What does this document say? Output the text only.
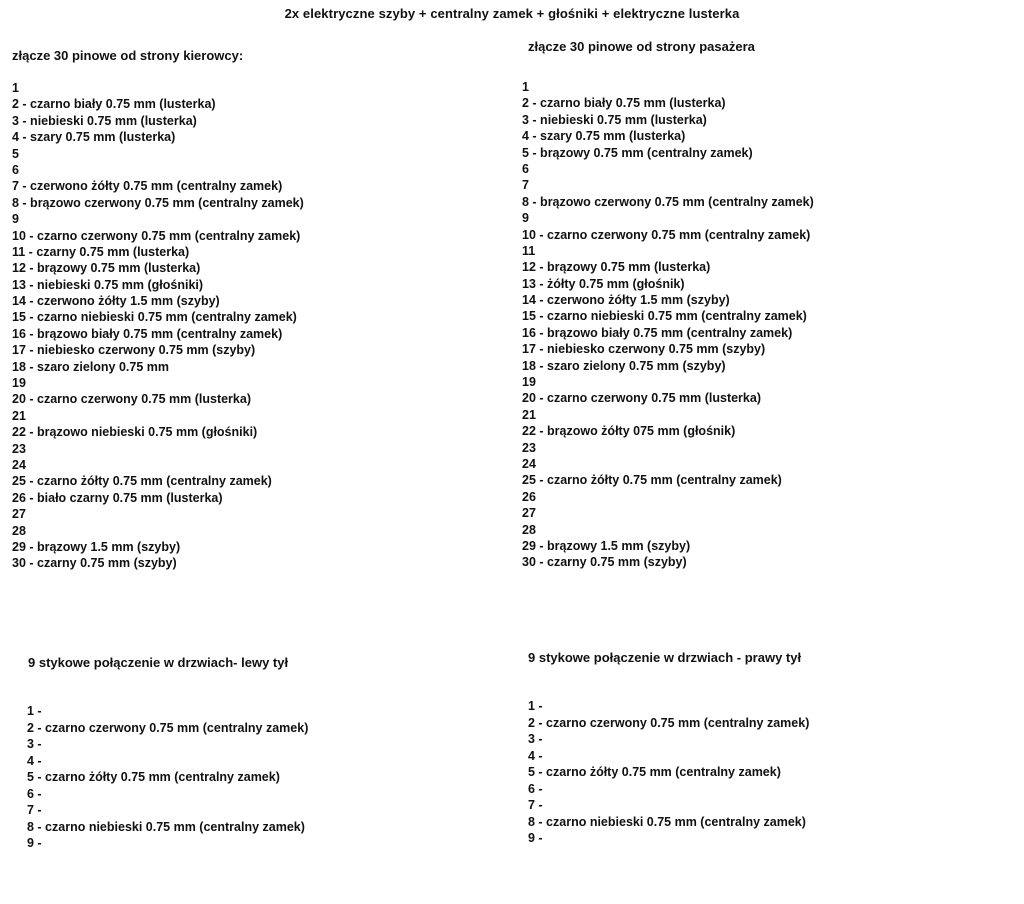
2x elektryczne szyby + centralny zamek + głośniki + elektryczne lusterka
złącze 30 pinowe od strony kierowcy:
1
2 - czarno biały 0.75 mm (lusterka)
3 - niebieski 0.75 mm (lusterka)
4 - szary 0.75 mm (lusterka)
5
6
7 - czerwono żółty 0.75 mm (centralny zamek)
8 - brązowo czerwony 0.75 mm (centralny zamek)
9
10 - czarno czerwony 0.75 mm (centralny zamek)
11 - czarny 0.75 mm (lusterka)
12 - brązowy 0.75 mm (lusterka)
13 - niebieski 0.75 mm (głośniki)
14 - czerwono żółty 1.5 mm (szyby)
15 - czarno niebieski 0.75 mm (centralny zamek)
16 - brązowo biały 0.75 mm (centralny zamek)
17 - niebiesko czerwony 0.75 mm (szyby)
18 - szaro zielony 0.75 mm
19
20 - czarno czerwony 0.75 mm (lusterka)
21
22 - brązowo niebieski 0.75 mm (głośniki)
23
24
25 - czarno żółty 0.75 mm (centralny zamek)
26 - biało czarny 0.75 mm (lusterka)
27
28
29 - brązowy 1.5 mm (szyby)
30 - czarny 0.75 mm (szyby)
złącze 30 pinowe od strony pasażera
1
2 - czarno biały 0.75 mm (lusterka)
3 - niebieski 0.75 mm (lusterka)
4 - szary 0.75 mm (lusterka)
5 - brązowy 0.75 mm (centralny zamek)
6
7
8 - brązowo czerwony 0.75 mm (centralny zamek)
9
10 - czarno czerwony 0.75 mm (centralny zamek)
11
12 - brązowy 0.75 mm (lusterka)
13 - żółty 0.75 mm (głośnik)
14 - czerwono żółty 1.5 mm (szyby)
15 - czarno niebieski 0.75 mm (centralny zamek)
16 - brązowo biały 0.75 mm (centralny zamek)
17 - niebiesko czerwony 0.75 mm (szyby)
18 - szaro zielony 0.75 mm (szyby)
19
20 - czarno czerwony 0.75 mm (lusterka)
21
22 - brązowo żółty 075 mm (głośnik)
23
24
25 - czarno żółty 0.75 mm (centralny zamek)
26
27
28
29 - brązowy 1.5 mm (szyby)
30 - czarny 0.75 mm (szyby)
9 stykowe połączenie w drzwiach- lewy tył
1 -
2 - czarno czerwony 0.75 mm (centralny zamek)
3 -
4 -
5 - czarno żółty 0.75 mm (centralny zamek)
6 -
7 -
8 - czarno niebieski 0.75 mm (centralny zamek)
9 -
9 stykowe połączenie w drzwiach - prawy tył
1 -
2 - czarno czerwony 0.75 mm (centralny zamek)
3 -
4 -
5 - czarno żółty 0.75 mm (centralny zamek)
6 -
7 -
8 - czarno niebieski 0.75 mm (centralny zamek)
9 -
